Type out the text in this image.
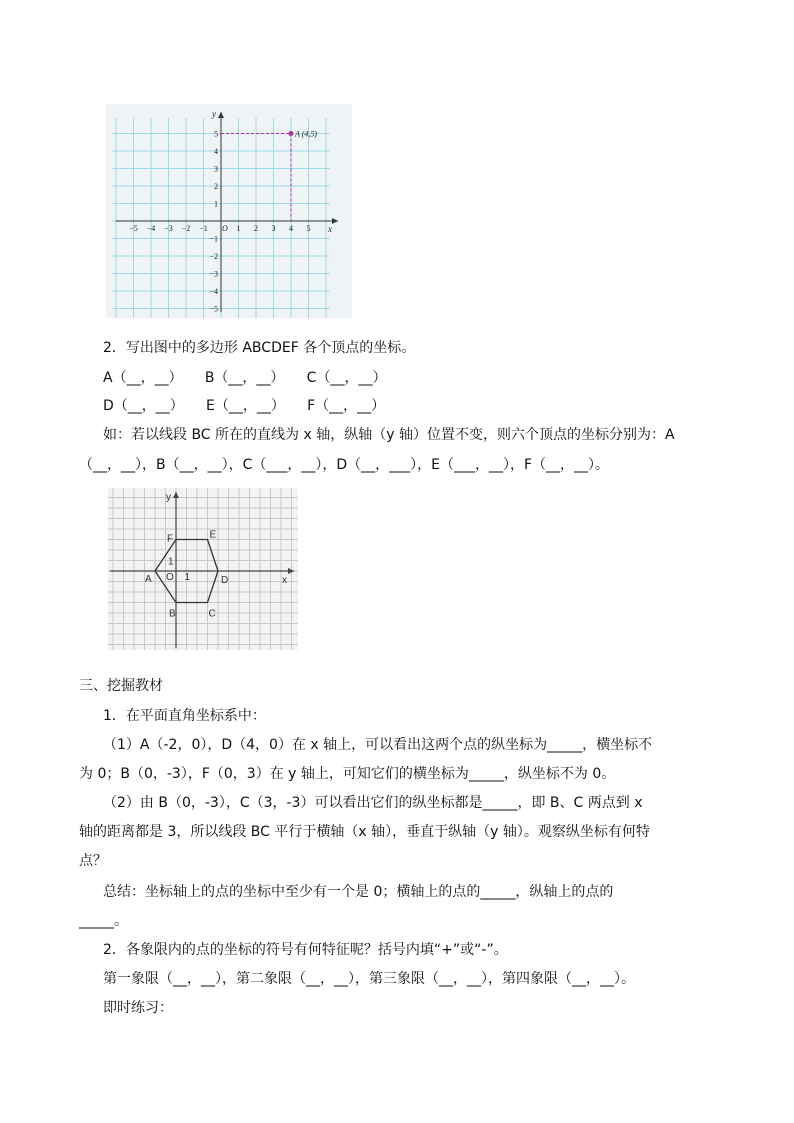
−5 −4 −3 −2 −1	1 2 3 4 5
5
4
3
2
1
−1
−2
−3
−4
−5
A (4,5)
x
y
O
2．写出图中的多边形 ABCDEF 各个顶点的坐标。
A（__，__）     B（__，__）     C（__，__）
D（__，__）     E（__，__）     F（__，__）
如：若以线段 BC 所在的直线为 x 轴，纵轴（y 轴）位置不变，则六个顶点的坐标分别为：A
（__，__），B（__，__），C（___，__），D（__，___），E（___，__），F（__，__）。
A
B	C
D
E
F
x
y
O 1
1
三、挖掘教材
1．在平面直角坐标系中：
（1）A（-2，0），D（4，0）在 x 轴上，可以看出这两个点的纵坐标为_____，横坐标不
为 0；B（0，-3），F（0，3）在 y 轴上，可知它们的横坐标为_____，纵坐标不为 0。
（2）由 B（0，-3），C（3，-3）可以看出它们的纵坐标都是_____，即 B、C 两点到 x
轴的距离都是 3，所以线段 BC 平行于横轴（x 轴），垂直于纵轴（y 轴）。观察纵坐标有何特
点？
总结：坐标轴上的点的坐标中至少有一个是 0；横轴上的点的_____，纵轴上的点的
_____。
2．各象限内的点的坐标的符号有何特征呢？括号内填“+”或“-”。
第一象限（__，__），第二象限（__，__），第三象限（__，__），第四象限（__，__）。
即时练习：
